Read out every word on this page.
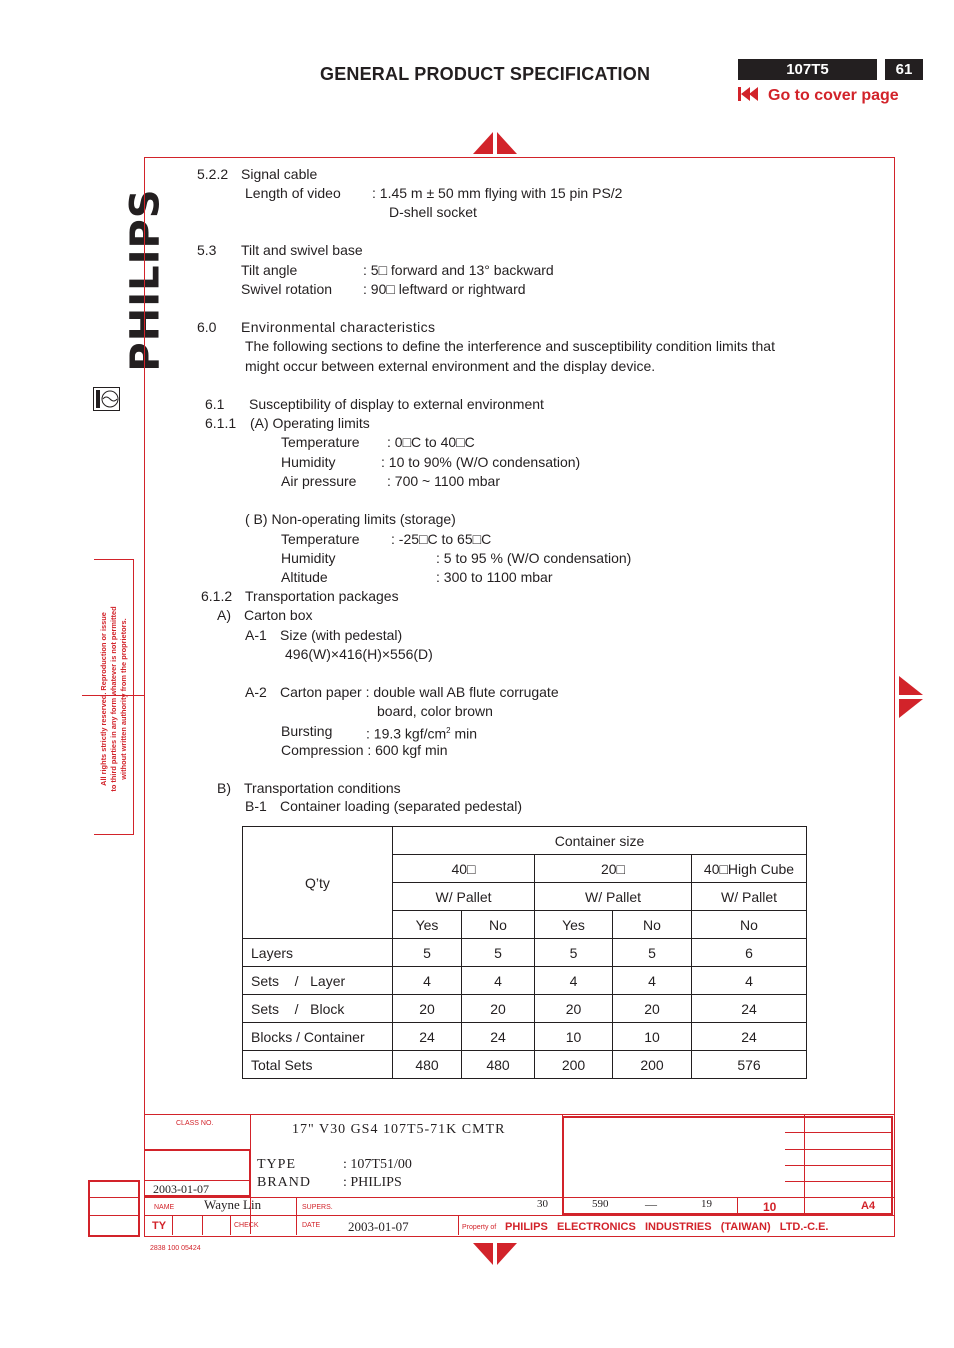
GENERAL PRODUCT SPECIFICATION	107T5	61
Go to cover page
PHILIPS
All rights strictly reserved. Reproduction or issue to third parties in any form whatever is not permitted without written authority from the proprietors.
5.2.2 Signal cable
Length of video : 1.45 m ± 50 mm flying with 15 pin PS/2
D-shell socket
5.3 Tilt and swivel base
Tilt angle	: 5□ forward and 13° backward
Swivel rotation : 90□ leftward or rightward
6.0 Environmental characteristics
The following sections to define the interference and susceptibility condition limits that
might occur between external environment and the display device.
6.1 Susceptibility of display to external environment
6.1.1 (A) Operating limits
Temperature : 0□C to 40□C
Humidity	: 10 to 90% (W/O condensation)
Air pressure : 700 ~ 1100 mbar
( B) Non-operating limits (storage)
Temperature : -25□C to 65□C
Humidity	: 5 to 95 % (W/O condensation)
Altitude	: 300 to 1100 mbar
6.1.2 Transportation packages
A) Carton box
A-1 Size (with pedestal)
496(W)×416(H)×556(D)
A-2 Carton paper : double wall AB flute corrugate
board, color brown
Bursting : 19.3 kgf/$cm^2$ min
Compression : 600 kgf min
B) Transportation conditions
B-1 Container loading (separated pedestal)
Q’ty	Container size				
	40□		20□		40□High Cube
	W/ Pallet		W/ Pallet		W/ Pallet
	Yes	No	Yes	No	No
Layers	5	5	5	5	6
Sets    /   Layer	4	4	4	4	4
Sets    /   Block	20	20	20	20	24
Blocks / Container	24	24	10	10	24
Total Sets	480	480	200	200	576
CLASS NO.	17" V30 GS4 107T5-71K CMTR
TYPE	: 107T51/00
BRAND : PHILIPS
2003-01-07
NAME Wayne Lin	SUPERS.	30	590	—	19	10	A4
TY	CHECK	DATE 2003-01-07	Property of PHILIPS   ELECTRONICS   INDUSTRIES   (TAIWAN)   LTD.-C.E.
2838 100 05424
